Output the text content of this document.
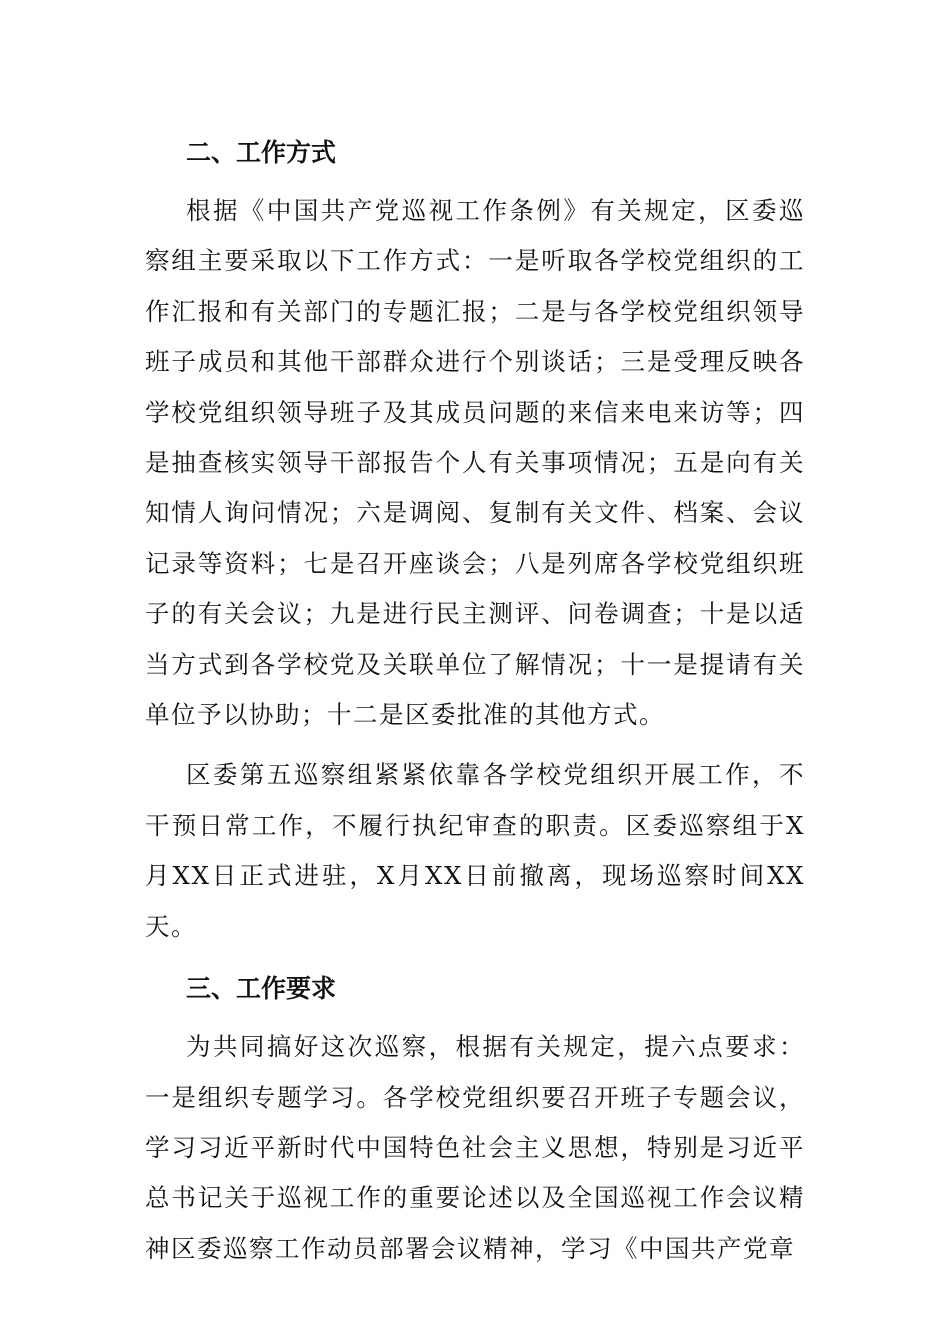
二、工作方式

根据《中国共产党巡视工作条例》有关规定，区委巡察组主要采取以下工作方式：一是听取各学校党组织的工作汇报和有关部门的专题汇报；二是与各学校党组织领导班子成员和其他干部群众进行个别谈话；三是受理反映各学校党组织领导班子及其成员问题的来信来电来访等；四是抽查核实领导干部报告个人有关事项情况；五是向有关知情人询问情况；六是调阅、复制有关文件、档案、会议记录等资料；七是召开座谈会；八是列席各学校党组织班子的有关会议；九是进行民主测评、问卷调查；十是以适当方式到各学校党及关联单位了解情况；十一是提请有关单位予以协助；十二是区委批准的其他方式。

区委第五巡察组紧紧依靠各学校党组织开展工作，不干预日常工作，不履行执纪审查的职责。区委巡察组于X月XX日正式进驻，X月XX日前撤离，现场巡察时间XX天。

三、工作要求

为共同搞好这次巡察，根据有关规定，提六点要求：一是组织专题学习。各学校党组织要召开班子专题会议，学习习近平新时代中国特色社会主义思想，特别是习近平总书记关于巡视工作的重要论述以及全国巡视工作会议精神区委巡察工作动员部署会议精神，学习《中国共产党章
